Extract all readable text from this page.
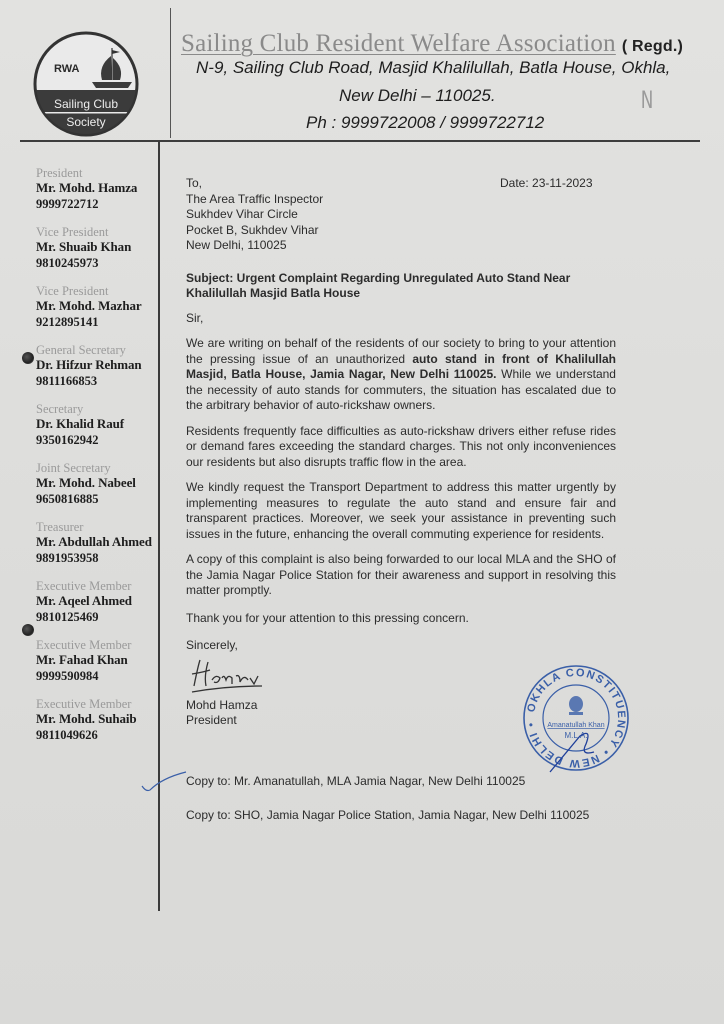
RWA
Sailing Club
Society
Sailing Club Resident Welfare Association ( Regd.)
N-9, Sailing Club Road, Masjid Khalilullah, Batla House, Okhla,
New Delhi – 110025.
Ph : 9999722008 / 9999722712
N
President
Mr. Mohd. Hamza
9999722712
Vice President
Mr. Shuaib Khan
9810245973
Vice President
Mr. Mohd. Mazhar
9212895141
General Secretary
Dr. Hifzur Rehman
9811166853
Secretary
Dr. Khalid Rauf
9350162942
Joint Secretary
Mr. Mohd. Nabeel
9650816885
Treasurer
Mr. Abdullah Ahmed
9891953958
Executive Member
Mr. Aqeel Ahmed
9810125469
Executive Member
Mr. Fahad Khan
9999590984
Executive Member
Mr. Mohd. Suhaib
9811049626
Date: 23-11-2023
To,
The Area Traffic Inspector
Sukhdev Vihar Circle
Pocket B, Sukhdev Vihar
New Delhi, 110025
Subject: Urgent Complaint Regarding Unregulated Auto Stand Near Khalilullah Masjid Batla House
Sir,
We are writing on behalf of the residents of our society to bring to your attention the pressing issue of an unauthorized auto stand in front of Khalilullah Masjid, Batla House, Jamia Nagar, New Delhi 110025. While we understand the necessity of auto stands for commuters, the situation has escalated due to the arbitrary behavior of auto-rickshaw owners.
Residents frequently face difficulties as auto-rickshaw drivers either refuse rides or demand fares exceeding the standard charges. This not only inconveniences our residents but also disrupts traffic flow in the area.
We kindly request the Transport Department to address this matter urgently by implementing measures to regulate the auto stand and ensure fair and transparent practices. Moreover, we seek your assistance in preventing such issues in the future, enhancing the overall commuting experience for residents.
A copy of this complaint is also being forwarded to our local MLA and the SHO of the Jamia Nagar Police Station for their awareness and support in resolving this matter promptly.
Thank you for your attention to this pressing concern.
Sincerely,
Mohd Hamza
President
OKHLA CONSTITUENCY • NEW DELHI •	Amanatullah Khan
M.L.A.
Copy to: Mr. Amanatullah, MLA Jamia Nagar, New Delhi 110025
Copy to: SHO, Jamia Nagar Police Station, Jamia Nagar, New Delhi 110025
